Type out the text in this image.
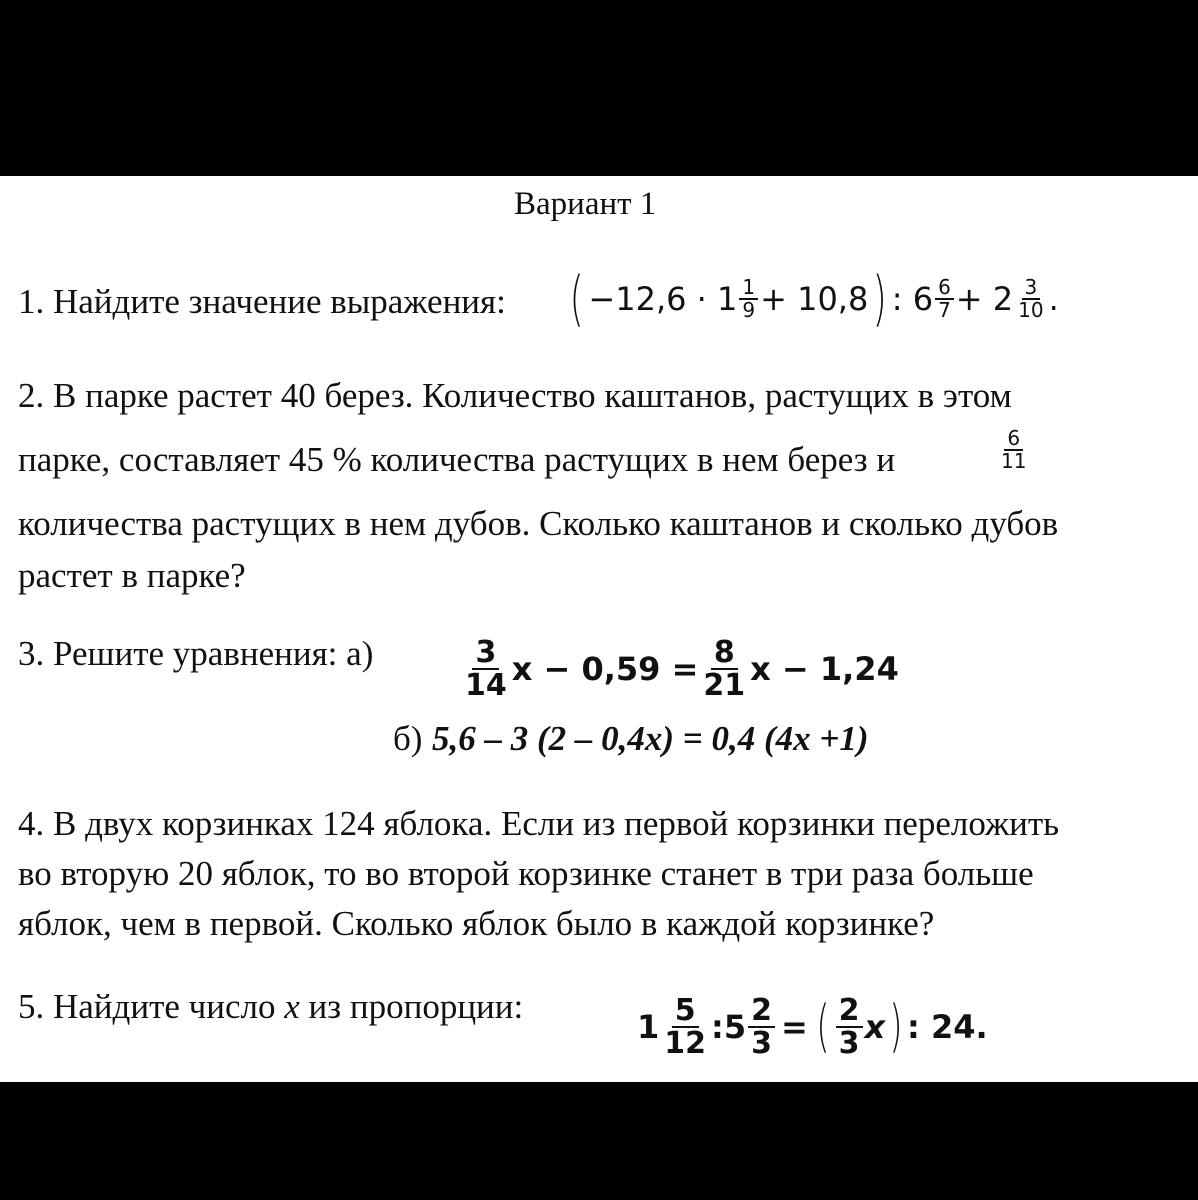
Вариант 1
1. Найдите значение выражения: ( $-12,6 \cdot 1 \frac{1}{9} + 10,8$ ) : $6 \frac{6}{7} + 2 \frac{3}{10}$ .
2. В парке растет 40 берез. Количество каштанов, растущих в этом
парке, составляет 45 % количества растущих в нем берез и	$\frac{6}{11}$
количества растущих в нем дубов. Сколько каштанов и сколько дубов
растет в парке?
3. Решите уравнения: а)	$\frac{3}{14}$ $x - 0,59 = \frac{8}{21}$ x − 1,24
б) 5,6 – 3 (2 – 0,4x) = 0,4 (4x +1)
4. В двух корзинках 124 яблока. Если из первой корзинки переложить
во вторую 20 яблок, то во второй корзинке станет в три раза больше
яблок, чем в первой. Сколько яблок было в каждой корзинке?
5. Найдите число x из пропорции:
$1 \frac{5}{12}$ :5 $\frac{2}{3}$ = ( $\frac{2}{3}$ x ) : 24.
